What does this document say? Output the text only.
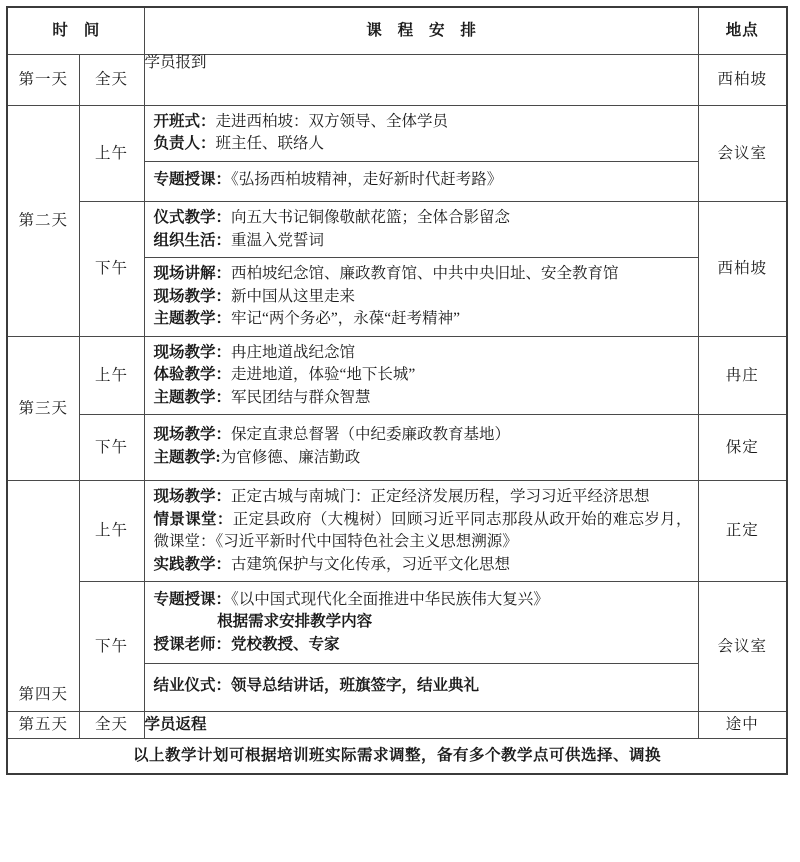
时 间		课 程 安 排	地点
第一天	全天	学员报到	西柏坡
第二天	上午	开班式：走进西柏坡：双方领导、全体学员
负责人：班主任、联络人
专题授课：《弘扬西柏坡精神，走好新时代赶考路》	会议室
	下午	仪式教学：向五大书记铜像敬献花篮；全体合影留念
组织生活：重温入党誓词
现场讲解：西柏坡纪念馆、廉政教育馆、中共中央旧址、安全教育馆
现场教学：新中国从这里走来
主题教学：牢记“两个务必”，永葆“赶考精神”	西柏坡
第三天	上午	现场教学：冉庄地道战纪念馆
体验教学：走进地道，体验“地下长城”
主题教学：军民团结与群众智慧	冉庄
	下午	现场教学：保定直隶总督署（中纪委廉政教育基地）
主题教学:为官修德、廉洁勤政	保定
第四天	上午	现场教学：正定古城与南城门：正定经济发展历程，学习习近平经济思想
情景课堂：正定县政府（大槐树）回顾习近平同志那段从政开始的难忘岁月，微课堂：《习近平新时代中国特色社会主义思想溯源》
实践教学：古建筑保护与文化传承，习近平文化思想	正定
	下午	专题授课：《以中国式现代化全面推进中华民族伟大复兴》
根据需求安排教学内容
授课老师：党校教授、专家
结业仪式：领导总结讲话，班旗签字，结业典礼	会议室
第五天	全天	学员返程	途中
以上教学计划可根据培训班实际需求调整，备有多个教学点可供选择、调换			
